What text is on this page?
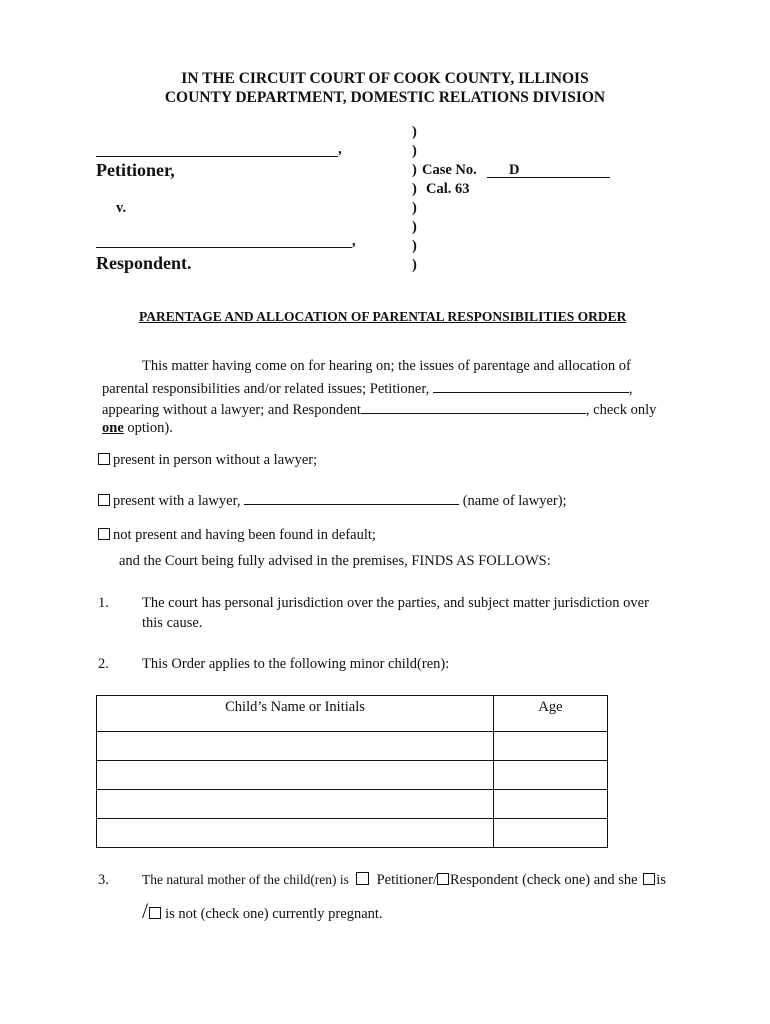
IN THE CIRCUIT COURT OF COOK COUNTY, ILLINOIS
COUNTY DEPARTMENT, DOMESTIC RELATIONS DIVISION
,
Petitioner,
v.
,
Respondent.
)
)
) Case No.	D
) Cal. 63
)
)
)
)
PARENTAGE AND ALLOCATION OF PARENTAL RESPONSIBILITIES ORDER
This matter having come on for hearing on; the issues of parentage and allocation of
parental responsibilities and/or related issues; Petitioner,	,
appearing without a lawyer; and Respondent	, check only
one option).
present in person without a lawyer;
present with a lawyer,	(name of lawyer);
not present and having been found in default;
and the Court being fully advised in the premises, FINDS AS FOLLOWS:
1. The court has personal jurisdiction over the parties, and subject matter jurisdiction over
this cause.
2. This Order applies to the following minor child(ren):
Child’s Name or Initials	Age

3. The natural mother of the child(ren) is Petitioner/ Respondent (check one) and she is
/ is not (check one) currently pregnant.
